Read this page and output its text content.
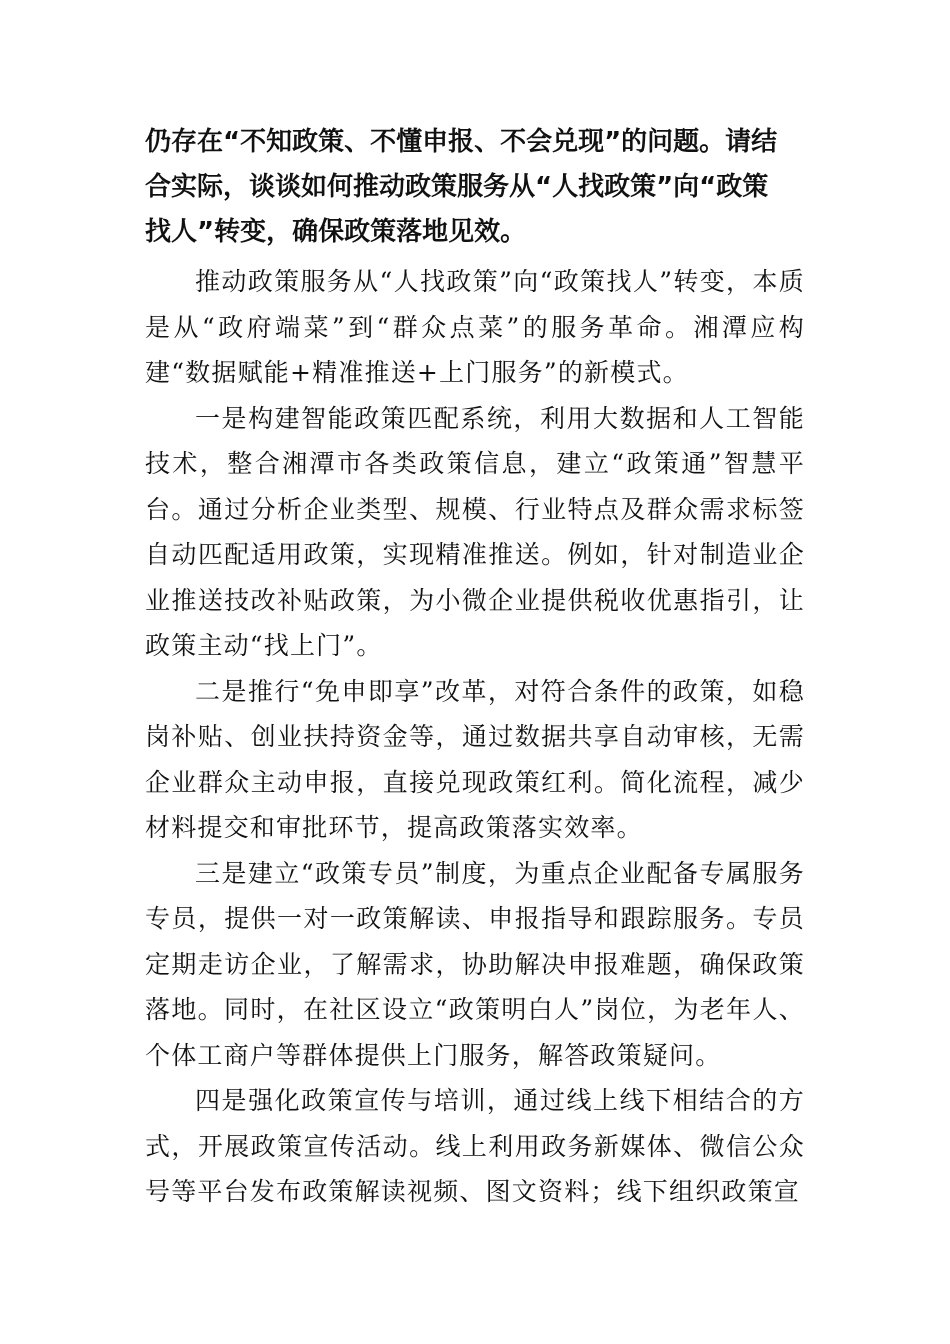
仍存在“不知政策、不懂申报、不会兑现”的问题。请结
合实际，谈谈如何推动政策服务从“人找政策”向“政策
找人”转变，确保政策落地见效。
推动政策服务从“人找政策”向“政策找人”转变，本质是从“政府端菜”到“群众点菜”的服务革命。湘潭应构建“数据赋能+精准推送+上门服务”的新模式。
一是构建智能政策匹配系统，利用大数据和人工智能技术，整合湘潭市各类政策信息，建立“政策通”智慧平台。通过分析企业类型、规模、行业特点及群众需求标签自动匹配适用政策，实现精准推送。例如，针对制造业企业推送技改补贴政策，为小微企业提供税收优惠指引，让政策主动“找上门”。
二是推行“免申即享”改革，对符合条件的政策，如稳岗补贴、创业扶持资金等，通过数据共享自动审核，无需企业群众主动申报，直接兑现政策红利。简化流程，减少材料提交和审批环节，提高政策落实效率。
三是建立“政策专员”制度，为重点企业配备专属服务专员，提供一对一政策解读、申报指导和跟踪服务。专员定期走访企业，了解需求，协助解决申报难题，确保政策落地。同时，在社区设立“政策明白人”岗位，为老年人、个体工商户等群体提供上门服务，解答政策疑问。
四是强化政策宣传与培训，通过线上线下相结合的方式，开展政策宣传活动。线上利用政务新媒体、微信公众号等平台发布政策解读视频、图文资料；线下组织政策宣
